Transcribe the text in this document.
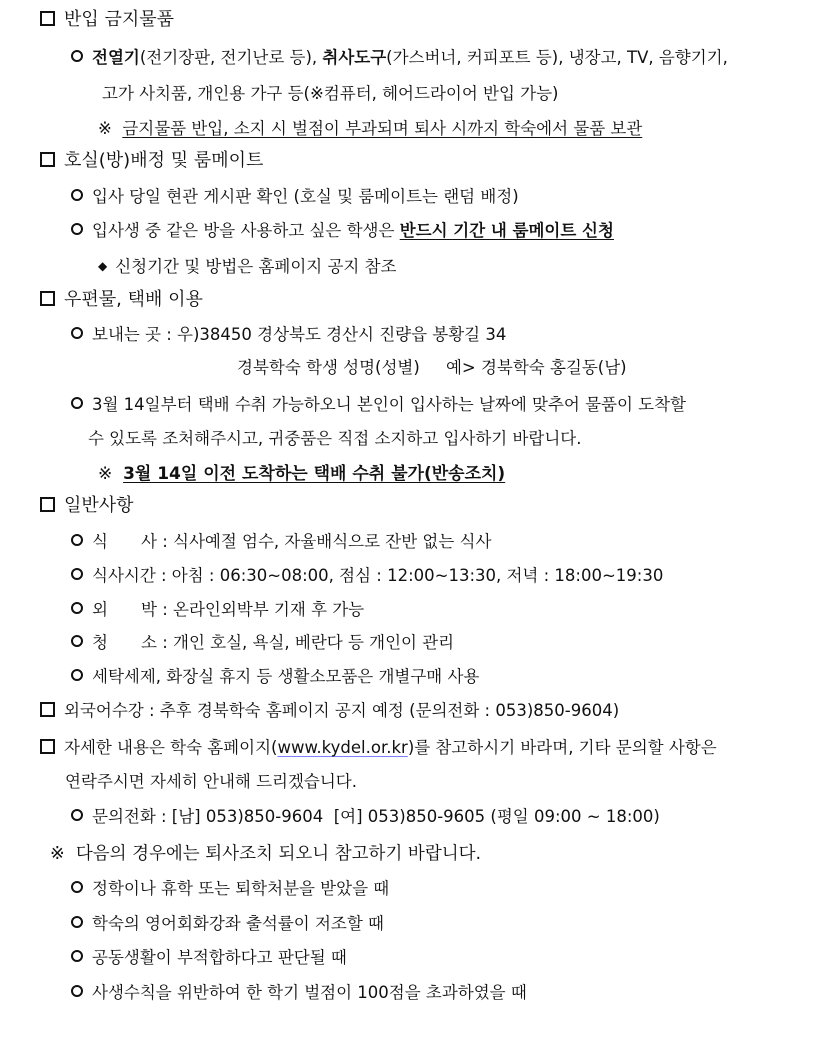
반입 금지물품
전열기(전기장판, 전기난로 등), 취사도구(가스버너, 커피포트 등), 냉장고, TV, 음향기기,
고가 사치품, 개인용 가구 등(※컴퓨터, 헤어드라이어 반입 가능)
※ 금지물품 반입, 소지 시 벌점이 부과되며 퇴사 시까지 학숙에서 물품 보관
호실(방)배정 및 룸메이트
입사 당일 현관 게시판 확인 (호실 및 룸메이트는 랜덤 배정)
입사생 중 같은 방을 사용하고 싶은 학생은 반드시 기간 내 룸메이트 신청
◆ 신청기간 및 방법은 홈페이지 공지 참조
우편물, 택배 이용
보내는 곳 : 우)38450 경상북도 경산시 진량읍 봉황길 34
경북학숙 학생 성명(성별)     예> 경북학숙 홍길동(남)
3월 14일부터 택배 수취 가능하오니 본인이 입사하는 날짜에 맞추어 물품이 도착할
수 있도록 조처해주시고, 귀중품은 직접 소지하고 입사하기 바랍니다.
※ 3월 14일 이전 도착하는 택배 수취 불가(반송조치)
일반사항
식 사 : 식사예절 엄수, 자율배식으로 잔반 없는 식사
식사시간 : 아침 : 06:30~08:00, 점심 : 12:00~13:30, 저녁 : 18:00~19:30
외 박 : 온라인외박부 기재 후 가능
청 소 : 개인 호실, 욕실, 베란다 등 개인이 관리
세탁세제, 화장실 휴지 등 생활소모품은 개별구매 사용
외국어수강 : 추후 경북학숙 홈페이지 공지 예정 (문의전화 : 053)850-9604)
자세한 내용은 학숙 홈페이지(www.kydel.or.kr)를 참고하시기 바라며, 기타 문의할 사항은
연락주시면 자세히 안내해 드리겠습니다.
문의전화 : [남] 053)850-9604  [여] 053)850-9605 (평일 09:00 ~ 18:00)
※ 다음의 경우에는 퇴사조치 되오니 참고하기 바랍니다.
정학이나 휴학 또는 퇴학처분을 받았을 때
학숙의 영어회화강좌 출석률이 저조할 때
공동생활이 부적합하다고 판단될 때
사생수칙을 위반하여 한 학기 벌점이 100점을 초과하였을 때
